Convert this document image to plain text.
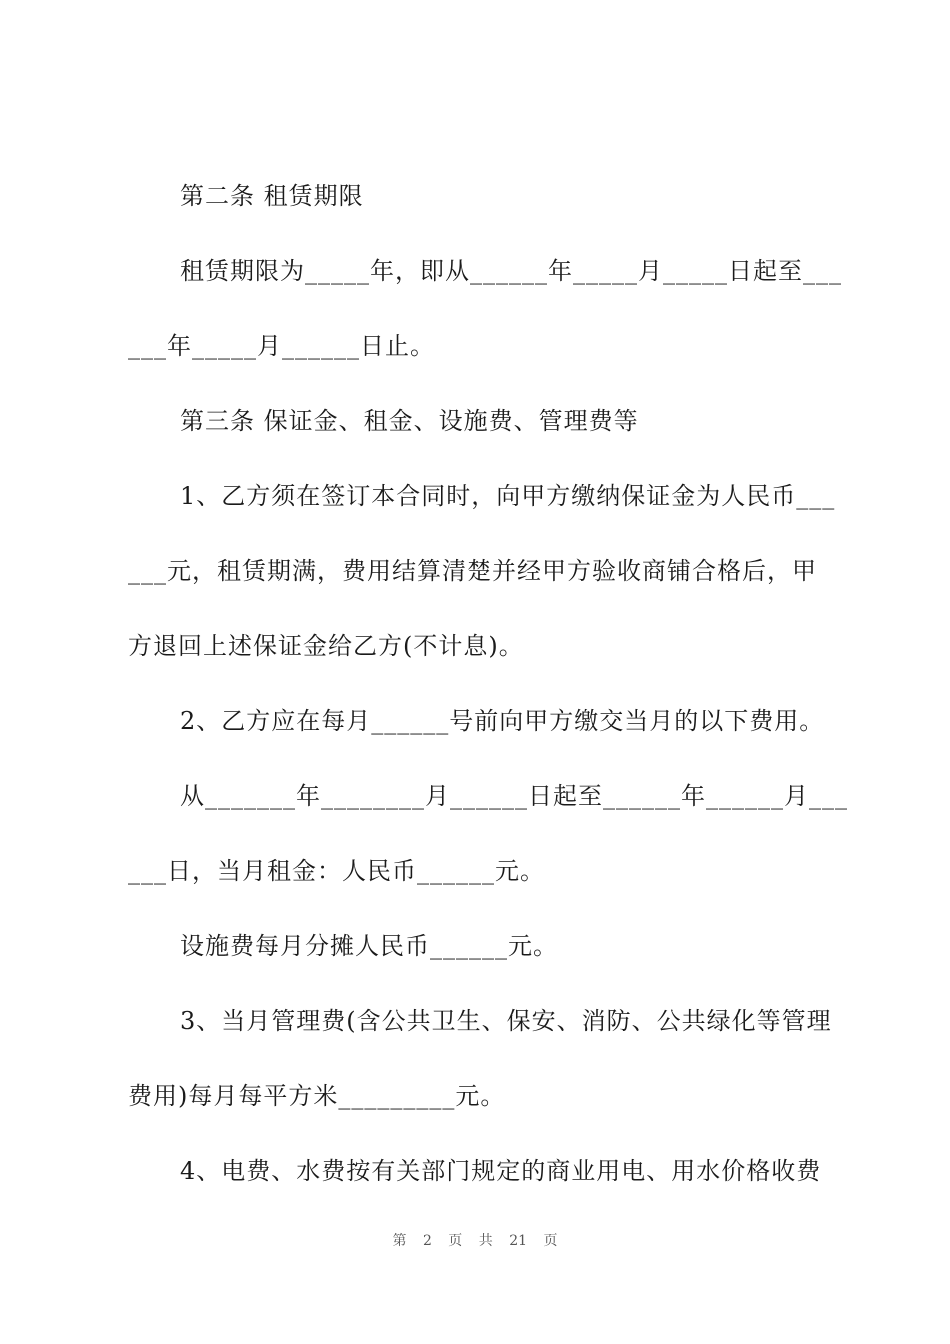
第二条 租赁期限
租赁期限为_____年，即从______年_____月_____日起至___
___年_____月______日止。
第三条 保证金、租金、设施费、管理费等
1、乙方须在签订本合同时，向甲方缴纳保证金为人民币___
___元，租赁期满，费用结算清楚并经甲方验收商铺合格后，甲
方退回上述保证金给乙方(不计息)。
2、乙方应在每月______号前向甲方缴交当月的以下费用。
从_______年________月______日起至______年______月___
___日，当月租金：人民币______元。
设施费每月分摊人民币______元。
3、当月管理费(含公共卫生、保安、消防、公共绿化等管理
费用)每月每平方米_________元。
4、电费、水费按有关部门规定的商业用电、用水价格收费
第 2 页 共 21 页
